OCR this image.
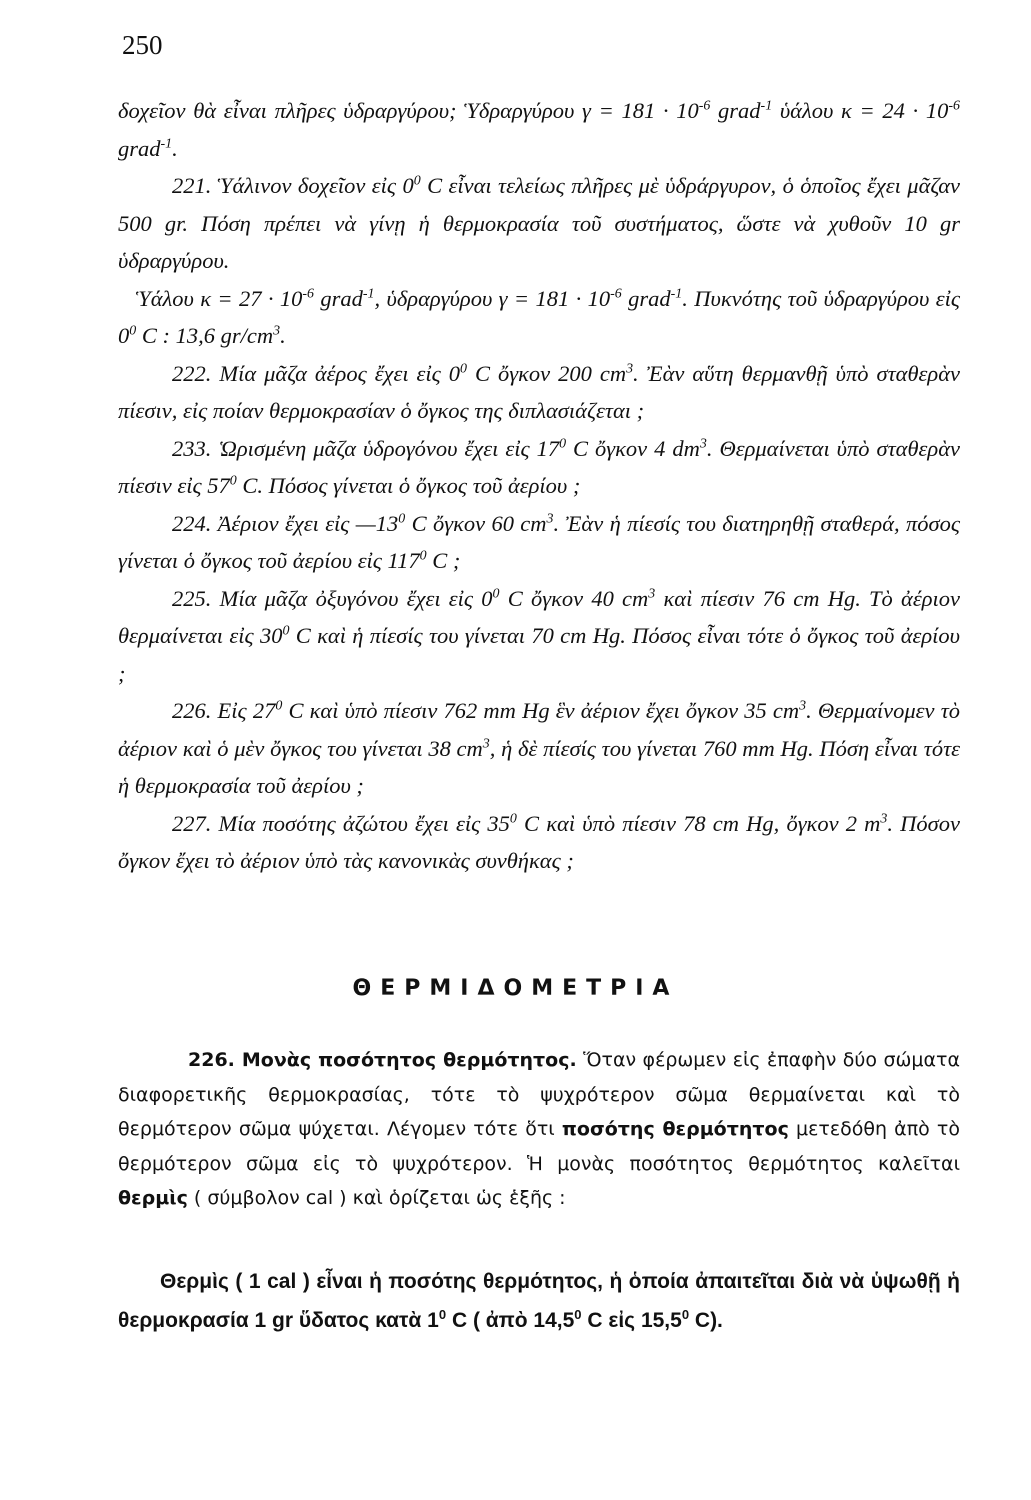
250

δοχεῖον θὰ εἶναι πλῆρες ὑδραργύρου; Ὑδραργύρου $\gamma = 181 \cdot 10^{-6}$ grad$^{-1}$ ὑάλου $\kappa = 24 \cdot 10^{-6}$ grad$^{-1}$.

221. Ὑάλινον δοχεῖον εἰς $0^0$ C εἶναι τελείως πλῆρες μὲ ὑδράργυρον, ὁ ὁποῖος ἔχει μᾶζαν 500 gr. Πόση πρέπει νὰ γίνῃ ἡ θερμοκρασία τοῦ συστήματος, ὥστε νὰ χυθοῦν 10 gr ὑδραργύρου.

Ὑάλου $\kappa = 27 \cdot 10^{-6}$ grad$^{-1}$, ὑδραργύρου $\gamma = 181 \cdot 10^{-6}$ grad$^{-1}$. Πυκνότης τοῦ ὑδραργύρου εἰς $0^0$ C : 13,6 $gr/cm^3$.

222. Μία μᾶζα ἀέρος ἔχει εἰς $0^0$ C ὄγκον 200 $cm^3$. Ἐὰν αὕτη θερμανθῇ ὑπὸ σταθερὰν πίεσιν, εἰς ποίαν θερμοκρασίαν ὁ ὄγκος της διπλασιάζεται ;

233. Ὡρισμένη μᾶζα ὑδρογόνου ἔχει εἰς $17^0$ C ὄγκον 4 $dm^3$. Θερμαίνεται ὑπὸ σταθερὰν πίεσιν εἰς $57^0$ C. Πόσος γίνεται ὁ ὄγκος τοῦ ἀερίου ;

224. Ἀέριον ἔχει εἰς $—13^0$ C ὄγκον 60 $cm^3$. Ἐὰν ἡ πίεσίς του διατηρηθῇ σταθερά, πόσος γίνεται ὁ ὄγκος τοῦ ἀερίου εἰς $117^0$ C ;

225. Μία μᾶζα ὀξυγόνου ἔχει εἰς $0^0$ C ὄγκον 40 $cm^3$ καὶ πίεσιν 76 cm Hg. Τὸ ἀέριον θερμαίνεται εἰς $30^0$ C καὶ ἡ πίεσίς του γίνεται 70 cm Hg. Πόσος εἶναι τότε ὁ ὄγκος τοῦ ἀερίου ;

226. Εἰς $27^0$ C καὶ ὑπὸ πίεσιν 762 mm Hg ἓν ἀέριον ἔχει ὄγκον 35 $cm^3$. Θερμαίνομεν τὸ ἀέριον καὶ ὁ μὲν ὄγκος του γίνεται 38 $cm^3$, ἡ δὲ πίεσίς του γίνεται 760 mm Hg. Πόση εἶναι τότε ἡ θερμοκρασία τοῦ ἀερίου ;

227. Μία ποσότης ἀζώτου ἔχει εἰς $35^0$ C καὶ ὑπὸ πίεσιν 78 cm Hg, ὄγκον 2 $m^3$. Πόσον ὄγκον ἔχει τὸ ἀέριον ὑπὸ τὰς κανονικὰς συνθήκας ;

ΘΕΡΜΙΔΟΜΕΤΡΙΑ

226. Μονὰς ποσότητος θερμότητος. Ὅταν φέρωμεν εἰς ἐπαφὴν δύο σώματα διαφορετικῆς θερμοκρασίας, τότε τὸ ψυχρότερον σῶμα θερμαίνεται καὶ τὸ θερμότερον σῶμα ψύχεται. Λέγομεν τότε ὅτι ποσότης θερμότητος μετεδόθη ἀπὸ τὸ θερμότερον σῶμα εἰς τὸ ψυχρότερον. Ἡ μονὰς ποσότητος θερμότητος καλεῖται θερμὶς ( σύμβολον cal ) καὶ ὁρίζεται ὡς ἑξῆς :

Θερμὶς ( 1 cal ) εἶναι ἡ ποσότης θερμότητος, ἡ ὁποία ἀπαιτεῖται διὰ νὰ ὑψωθῇ ἡ θερμοκρασία 1 gr ὕδατος κατὰ $1^0$ C ( ἀπὸ 14,5$^0$ C εἰς 15,5$^0$ C).
